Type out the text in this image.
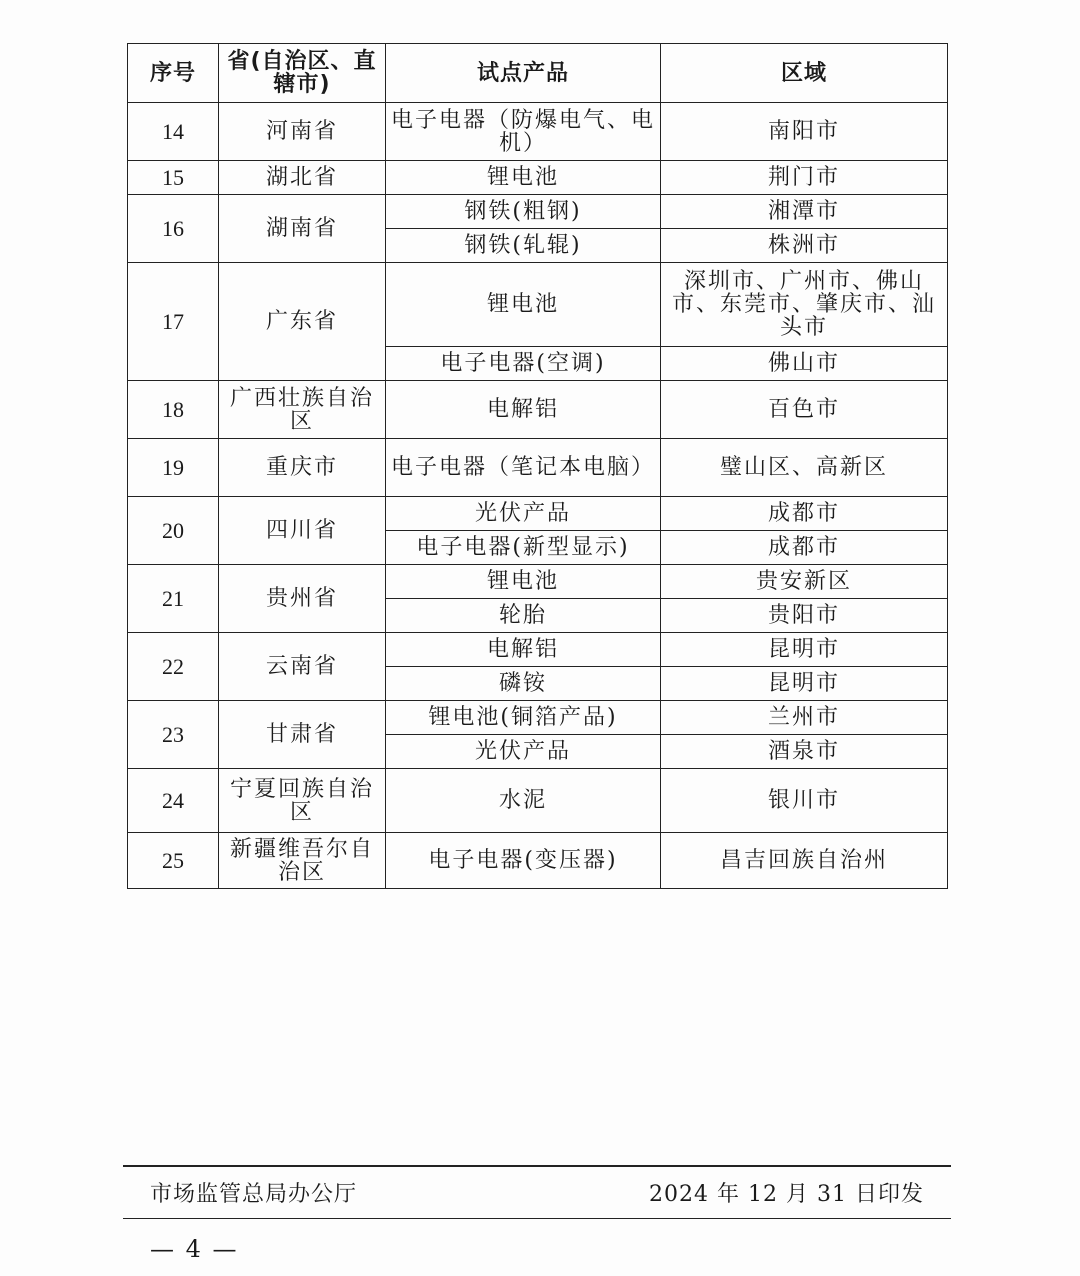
序号	省(自治区、直辖市)	试点产品	区域
14	河南省	电子电器（防爆电气、电机）	南阳市
15	湖北省	锂电池	荆门市
16	湖南省	钢铁(粗钢)	湘潭市
		钢铁(轧辊)	株洲市
17	广东省	锂电池	深圳市、广州市、佛山市、东莞市、肇庆市、汕头市
		电子电器(空调)	佛山市
18	广西壮族自治区	电解铝	百色市
19	重庆市	电子电器（笔记本电脑）	璧山区、高新区
20	四川省	光伏产品	成都市
		电子电器(新型显示)	成都市
21	贵州省	锂电池	贵安新区
		轮胎	贵阳市
22	云南省	电解铝	昆明市
		磷铵	昆明市
23	甘肃省	锂电池(铜箔产品)	兰州市
		光伏产品	酒泉市
24	宁夏回族自治区	水泥	银川市
25	新疆维吾尔自治区	电子电器(变压器)	昌吉回族自治州
市场监管总局办公厅	2024 年 12 月 31 日印发
— 4 —
